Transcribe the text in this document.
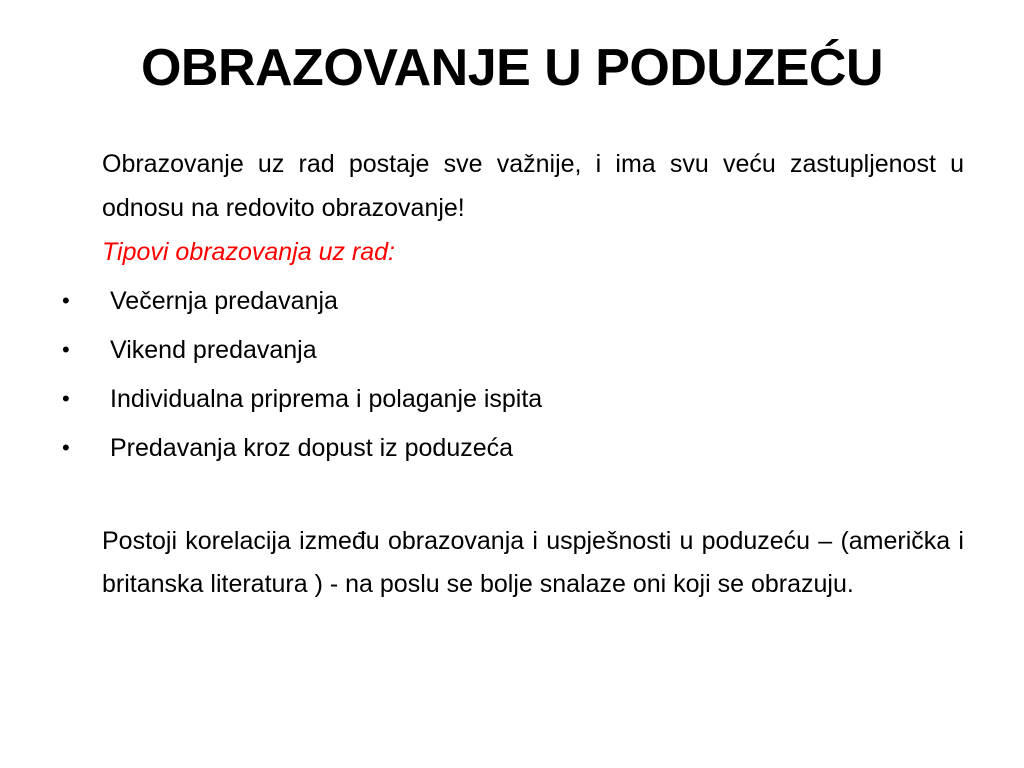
OBRAZOVANJE U PODUZEĆU

Obrazovanje uz rad postaje sve važnije, i ima svu veću zastupljenost u odnosu na redovito obrazovanje!

Tipovi obrazovanja uz rad:

• Večernja predavanja
• Vikend predavanja
• Individualna priprema i polaganje ispita
• Predavanja kroz dopust iz poduzeća

Postoji korelacija između obrazovanja i uspješnosti u poduzeću – (američka i britanska literatura ) - na poslu se bolje snalaze oni koji se obrazuju.
